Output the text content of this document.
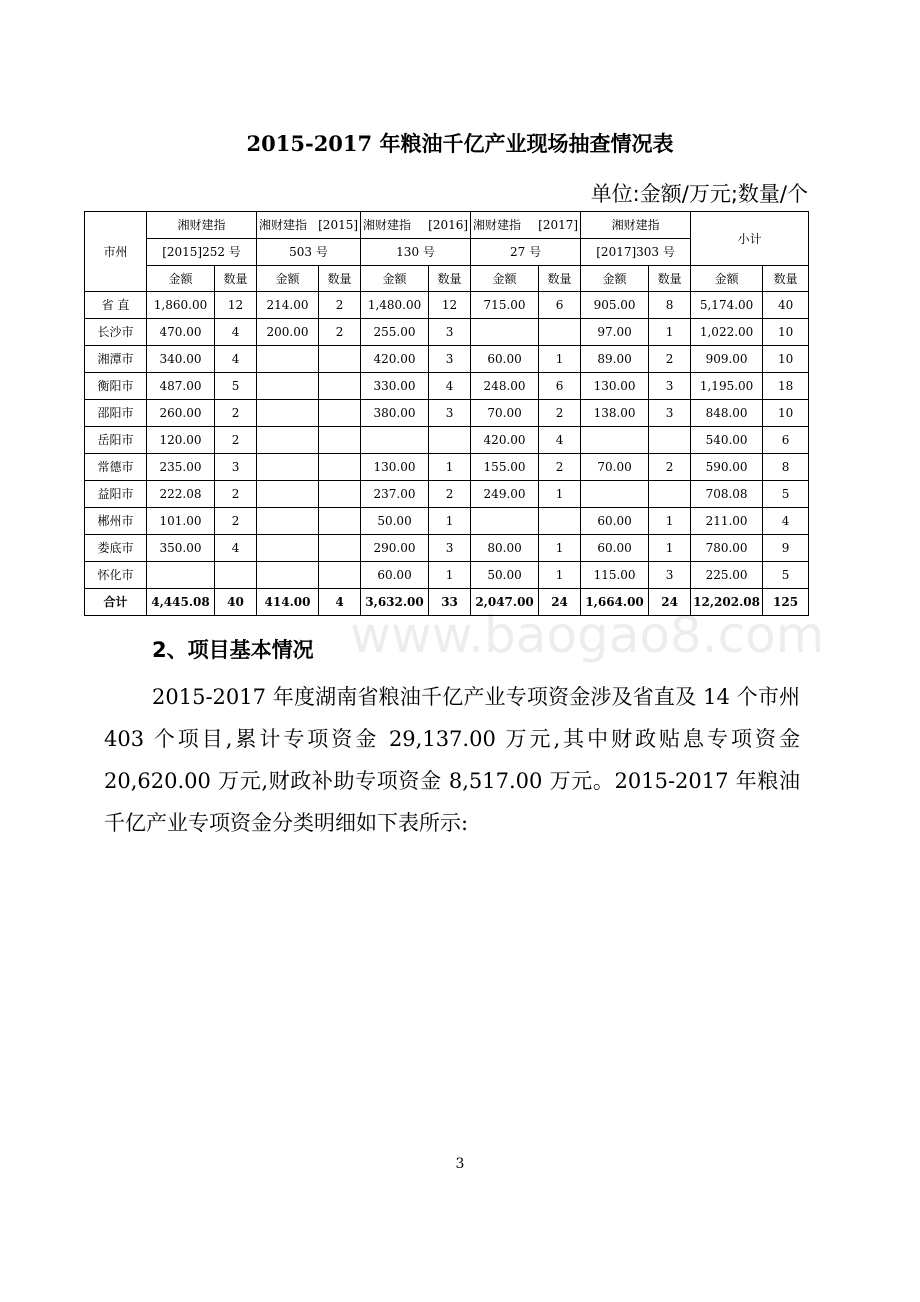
2015-2017 年粮油千亿产业现场抽查情况表
单位:金额/万元;数量/个
市州	湘财建指		湘财建指 [2015]		湘财建指 [2016]		湘财建指 [2017]		湘财建指		小计	
	[2015]252 号		503 号		130 号		27 号		[2017]303 号			
	金额	数量	金额	数量	金额	数量	金额	数量	金额	数量	金额	数量
省 直	1,860.00	12	214.00	2	1,480.00	12	715.00	6	905.00	8	5,174.00	40
长沙市	470.00	4	200.00	2	255.00	3			97.00	1	1,022.00	10
湘潭市	340.00	4			420.00	3	60.00	1	89.00	2	909.00	10
衡阳市	487.00	5			330.00	4	248.00	6	130.00	3	1,195.00	18
邵阳市	260.00	2			380.00	3	70.00	2	138.00	3	848.00	10
岳阳市	120.00	2					420.00	4			540.00	6
常德市	235.00	3			130.00	1	155.00	2	70.00	2	590.00	8
益阳市	222.08	2			237.00	2	249.00	1			708.08	5
郴州市	101.00	2			50.00	1			60.00	1	211.00	4
娄底市	350.00	4			290.00	3	80.00	1	60.00	1	780.00	9
怀化市					60.00	1	50.00	1	115.00	3	225.00	5
合计	4,445.08	40	414.00	4	3,632.00	33	2,047.00	24	1,664.00	24	12,202.08	125
www.baogao8.com
2、项目基本情况
2015-2017 年度湖南省粮油千亿产业专项资金涉及省直及 14 个市州 403 个项目,累计专项资金 29,137.00 万元,其中财政贴息专项资金 20,620.00 万元,财政补助专项资金 8,517.00 万元。2015-2017 年粮油千亿产业专项资金分类明细如下表所示:
3
